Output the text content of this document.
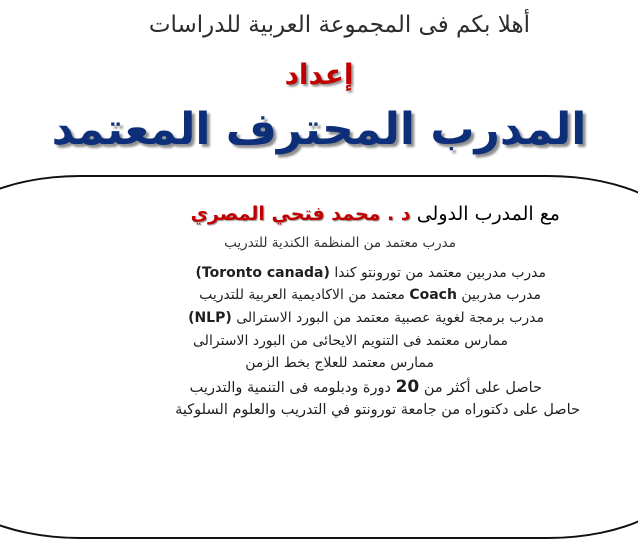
أهلا بكم فى المجموعة العربية للدراسات
إعداد
المدرب المحترف المعتمد
مع المدرب الدولى د . محمد فتحي المصري
مدرب معتمد من المنظمة الكندية للتدريب
مدرب مدربين معتمد من تورونتو كندا (Toronto canada)
مدرب مدربين Coach معتمد من الاكاديمية العربية للتدريب
مدرب برمجة لغوية عصبية معتمد من البورد الاسترالى (NLP)
ممارس معتمد فى التنويم الايحائى من البورد الاسترالى
ممارس معتمد للعلاج بخط الزمن
حاصل على أكثر من 20 دورة ودبلومه فى التنمية والتدريب
حاصل على دكتوراه من جامعة تورونتو في التدريب والعلوم السلوكية
